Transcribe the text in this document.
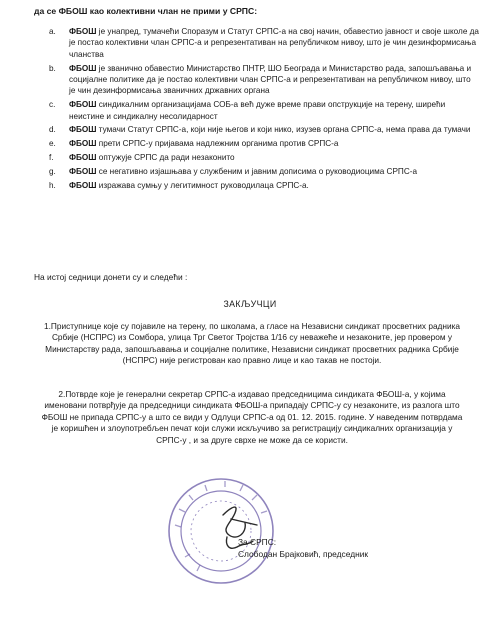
да се ФБОШ као колективни члан не прими у СРПС:
a. ФБОШ је унапред, тумачећи Споразум и Статут СРПС-а на свој начин, обавестио јавност и своје школе да је постао колективни члан СРПС-а и репрезентативан на републичком нивоу, што је чин дезинформисања чланства
b. ФБОШ је званично обавестио Министарство ПНТР, ШО Београда и Министарство рада, запошљавања и социјалне политике да је постао колективни члан СРПС-а и репрезентативан на републичком нивоу, што је чин дезинформисања званичних државних органа
c. ФБОШ синдикалним организацијама СОБ-а већ дуже време прави опструкције на терену, ширећи неистине и синдикалну несолидарност
d. ФБОШ тумачи Статут СРПС-а, који није његов и који нико, изузев органа СРПС-а, нема права да тумачи
e. ФБОШ прети СРПС-у пријавама надлежним органима против СРПС-а
f. ФБОШ оптужује СРПС да ради незаконито
g. ФБОШ се негативно изјашњава у службеним и јавним дописима о руководиоцима СРПС-а
h. ФБОШ изражава сумњу у легитимност руководилаца СРПС-а.
На истој седници донети су и следећи :
ЗАКЉУЧЦИ
1.Приступнице које су појавиле на терену, по школама, а гласе на Независни синдикат просветних радника Србије (НСПРС) из Сомбора, улица Трг Светог Тројства 1/16 су неважеће и незаконите, јер провером у Министарству рада, запошљавања и социјалне политике, Независни синдикат просветних радника Србије (НСПРС) није регистрован као правно лице и као такав не постоји.
2.Потврде које је генерални секретар СРПС-а издавао председницима синдиката ФБОШ-а, у којима именовани потврђује да председници синдиката ФБОШ-а припадају СРПС-у су незаконите, из разлога што ФБОШ не припада СРПС-у а што се види у Одлуци СРПС-а од 01. 12. 2015. године. У наведеним потврдама је коришћен и злоупотребљен печат који служи искључиво за регистрацију синдикалних организација у СРПС-у , и за друге сврхе не може да се користи.
За СРПС:
Слободан Брајковић, председник
